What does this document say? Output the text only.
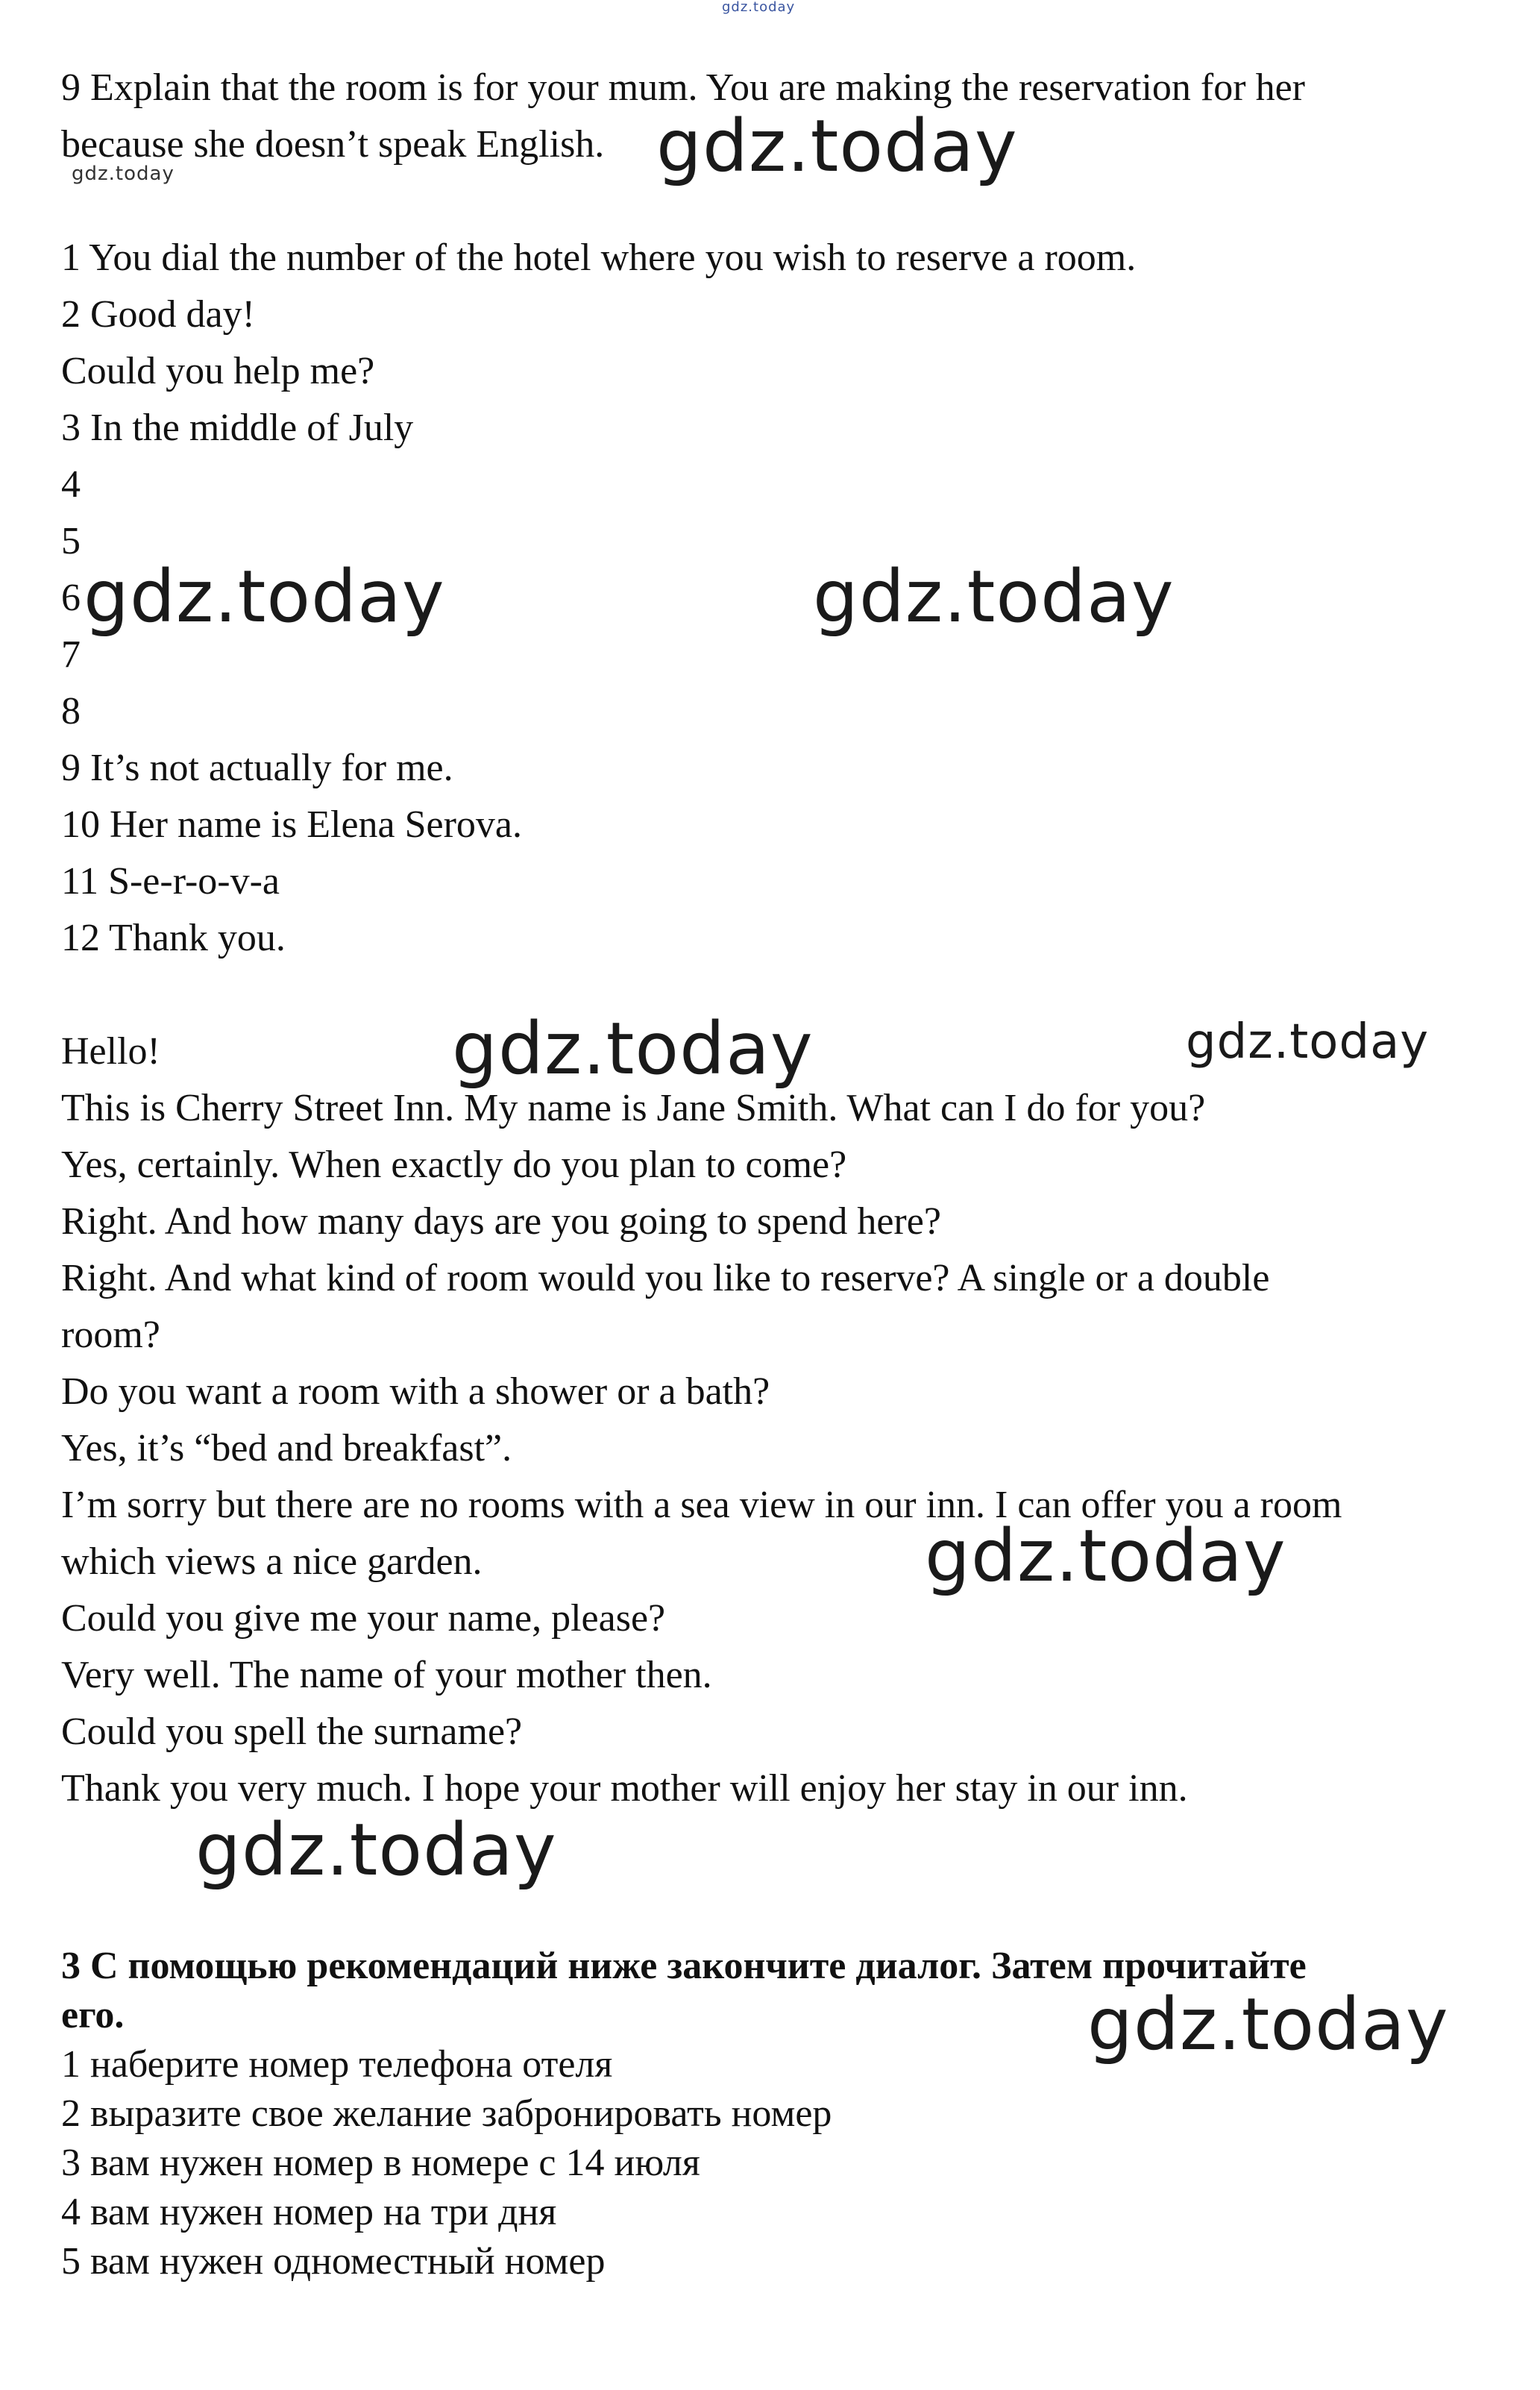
gdz.today
9 Explain that the room is for your mum. You are making the reservation for her
because she doesn’t speak English. gdz.today
gdz.today
1 You dial the number of the hotel where you wish to reserve a room.
2 Good day!
Could you help me?
3 In the middle of July
4
5
6
7
8
9 It’s not actually for me.
10 Her name is Elena Serova.
11 S-e-r-o-v-a
12 Thank you.
gdz.today	gdz.today
Hello!
This is Cherry Street Inn. My name is Jane Smith. What can I do for you?
Yes, certainly. When exactly do you plan to come?
Right. And how many days are you going to spend here?
Right. And what kind of room would you like to reserve? A single or a double
room?
Do you want a room with a shower or a bath?
Yes, it’s “bed and breakfast”.
I’m sorry but there are no rooms with a sea view in our inn. I can offer you a room
which views a nice garden.
Could you give me your name, please?
Very well. The name of your mother then.
Could you spell the surname?
Thank you very much. I hope your mother will enjoy her stay in our inn.
gdz.today	gdz.today
gdz.today
gdz.today
3 С помощью рекомендаций ниже закончите диалог. Затем прочитайте
его.	gdz.today
1 наберите номер телефона отеля
2 выразите свое желание забронировать номер
3 вам нужен номер в номере с 14 июля
4 вам нужен номер на три дня
5 вам нужен одноместный номер
